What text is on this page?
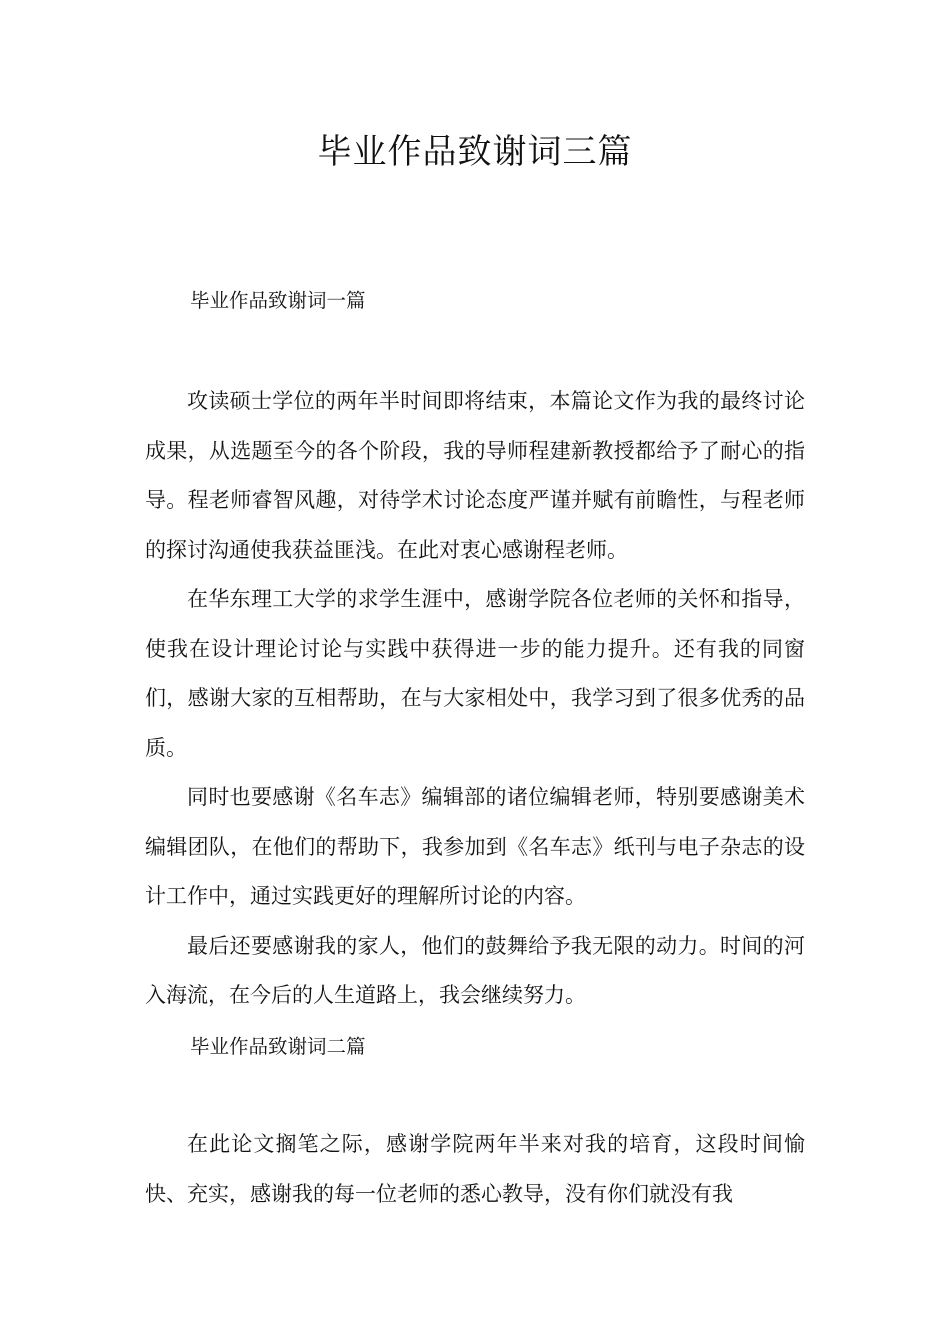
毕业作品致谢词三篇
毕业作品致谢词一篇

攻读硕士学位的两年半时间即将结束，本篇论文作为我的最终讨论成果，从选题至今的各个阶段，我的导师程建新教授都给予了耐心的指导。程老师睿智风趣，对待学术讨论态度严谨并赋有前瞻性，与程老师的探讨沟通使我获益匪浅。在此对衷心感谢程老师。

在华东理工大学的求学生涯中，感谢学院各位老师的关怀和指导，使我在设计理论讨论与实践中获得进一步的能力提升。还有我的同窗们，感谢大家的互相帮助，在与大家相处中，我学习到了很多优秀的品质。

同时也要感谢《名车志》编辑部的诸位编辑老师，特别要感谢美术编辑团队，在他们的帮助下，我参加到《名车志》纸刊与电子杂志的设计工作中，通过实践更好的理解所讨论的内容。

最后还要感谢我的家人，他们的鼓舞给予我无限的动力。时间的河入海流，在今后的人生道路上，我会继续努力。

毕业作品致谢词二篇

在此论文搁笔之际，感谢学院两年半来对我的培育，这段时间愉快、充实，感谢我的每一位老师的悉心教导，没有你们就没有我
